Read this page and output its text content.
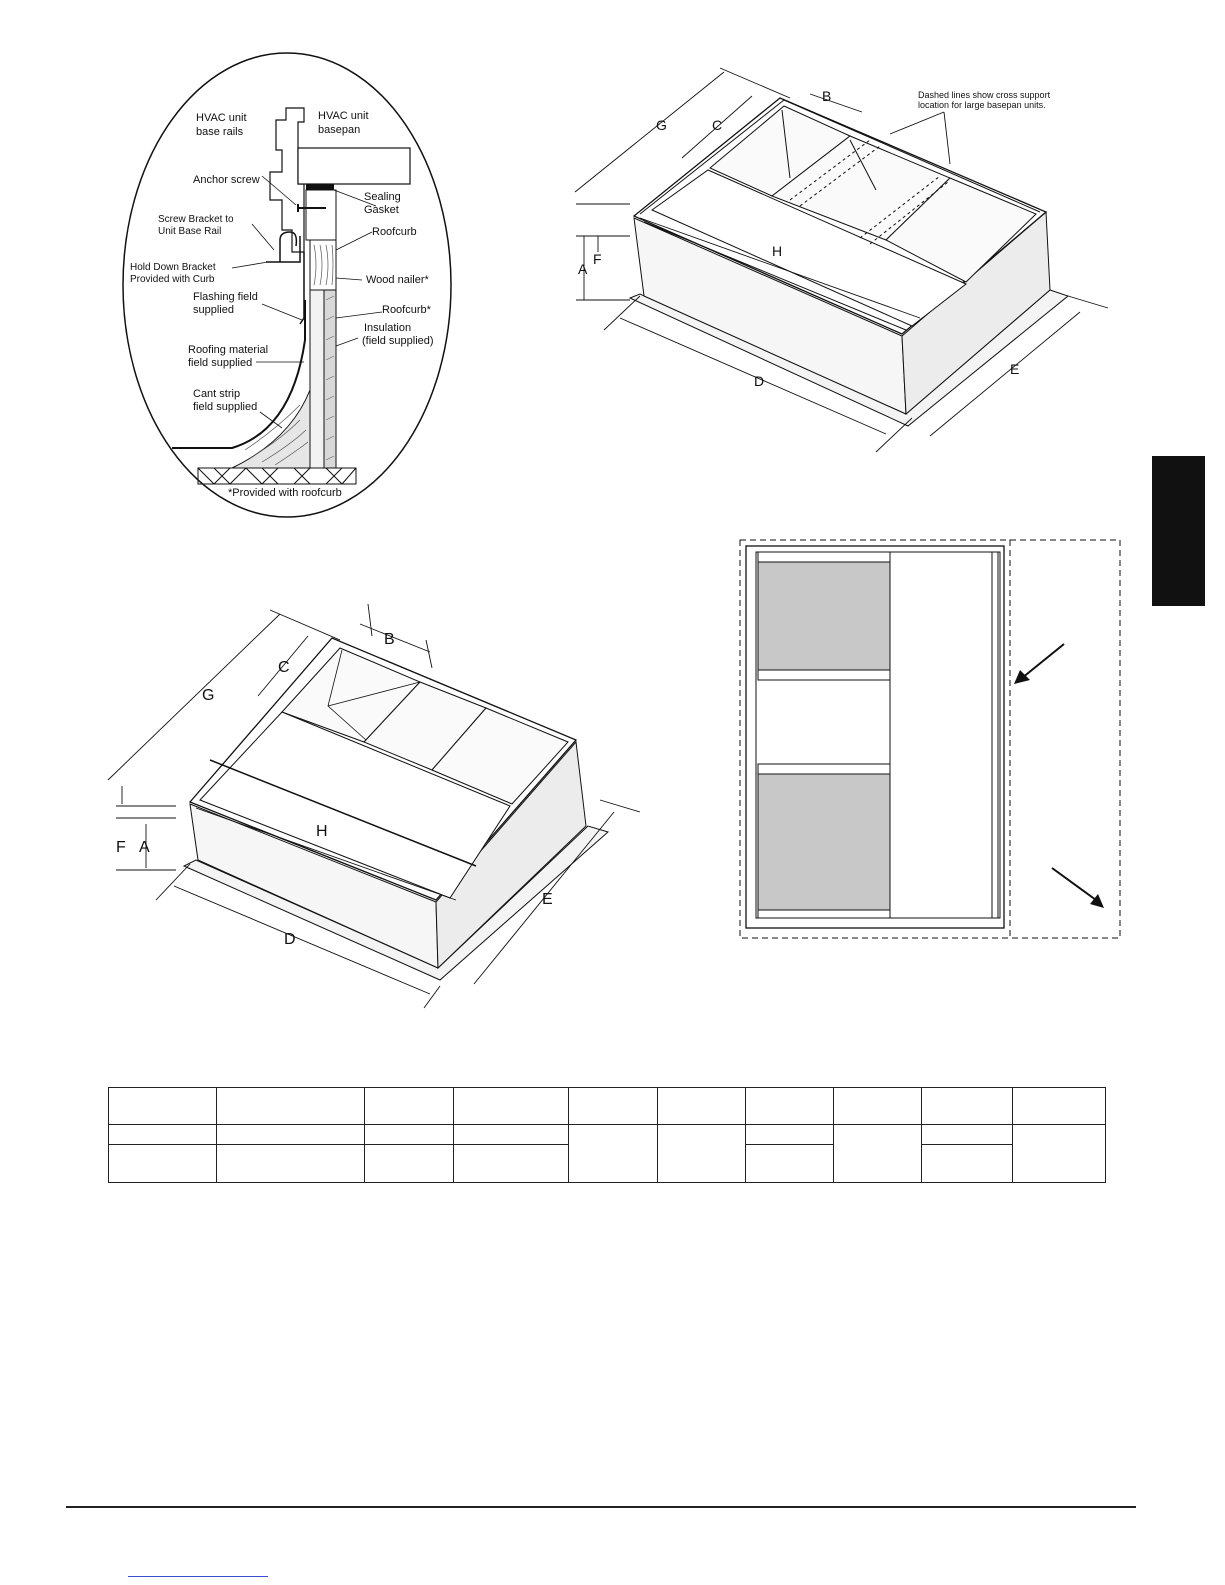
HVAC unit
base rails
HVAC unit
basepan
Anchor screw
Sealing
Gasket
Screw Bracket to
Unit Base Rail	Roofcurb
Hold Down Bracket
Provided with Curb	Wood nailer*
Flashing field
supplied	Roofcurb*
Insulation
(field supplied)
Roofing material
field supplied
Cant strip
field supplied
*Provided with roofcurb
G	C
B
F
A
H
D
E
Dashed lines show cross support
location for large basepan units.
G
C
B
F A
H
D
E
